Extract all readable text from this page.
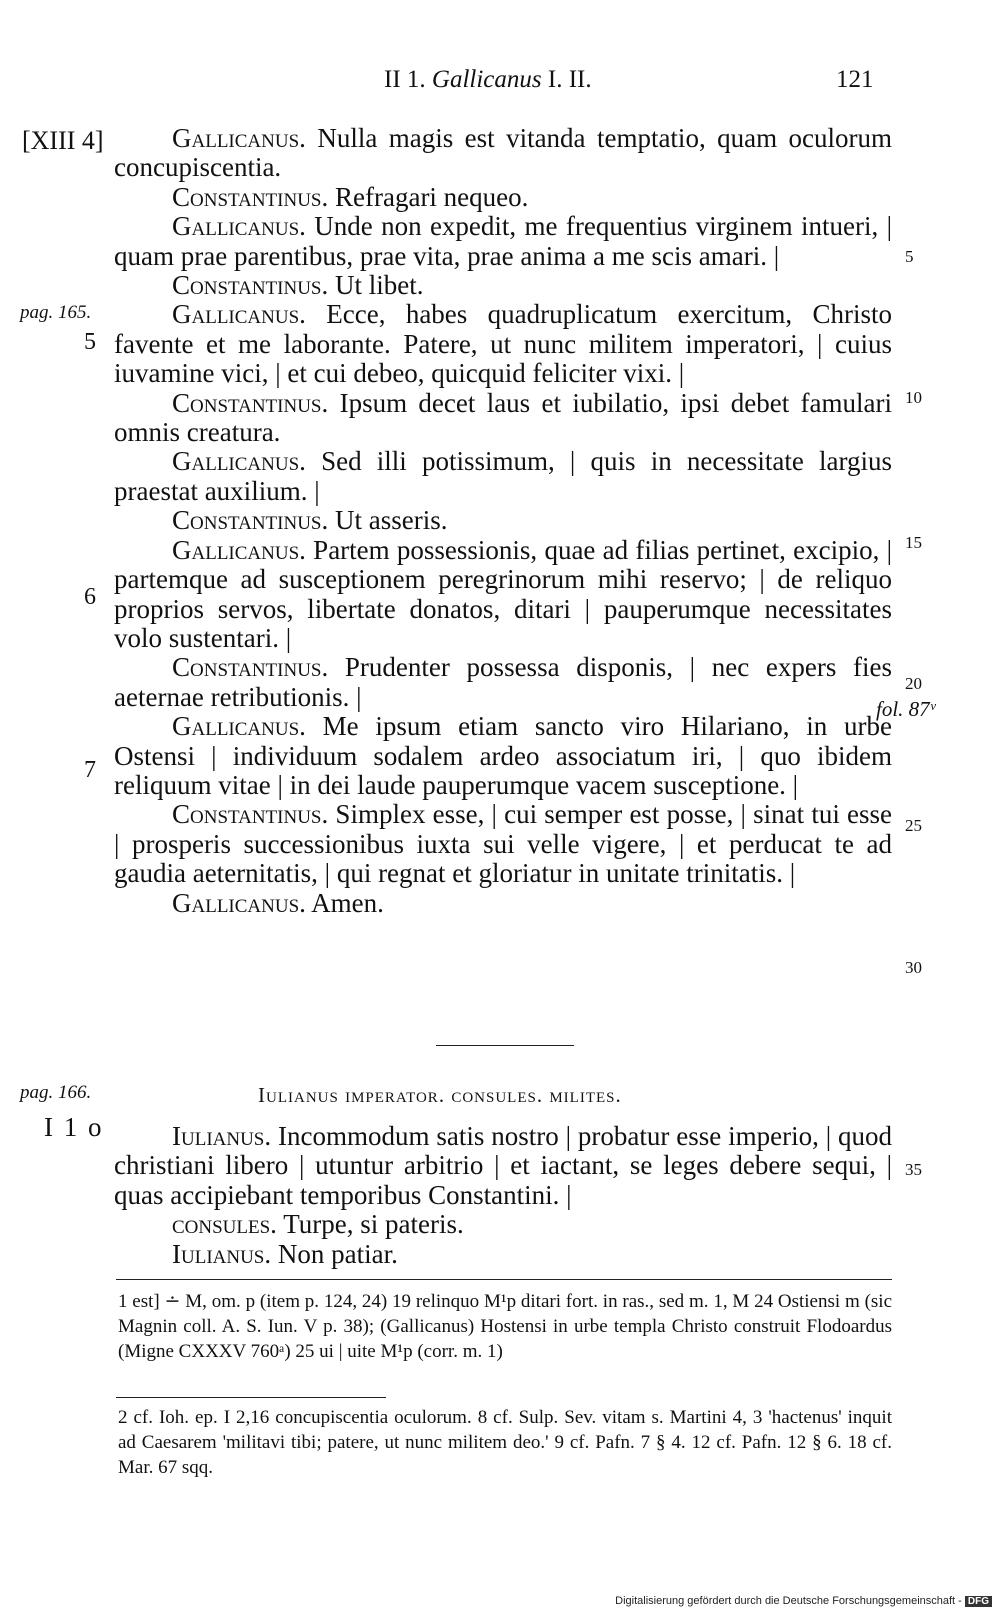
II 1. Gallicanus I. II.	121
[XIII 4]
pag. 165.
5
6
7
pag. 166.
I 1 o
5
10
15
20
fol. 87ᵛ
25
30
35

Gallicanus. Nulla magis est vitanda temptatio, quam oculorum concupiscentia.

Constantinus. Refragari nequeo.

Gallicanus. Unde non expedit, me frequentius virginem intueri, | quam prae parentibus, prae vita, prae anima a me scis amari. |

Constantinus. Ut libet.

Gallicanus. Ecce, habes quadruplicatum exercitum, Christo favente et me laborante. Patere, ut nunc militem imperatori, | cuius iuvamine vici, | et cui debeo, quicquid feliciter vixi. |

Constantinus. Ipsum decet laus et iubilatio, ipsi debet famulari omnis creatura.

Gallicanus. Sed illi potissimum, | quis in necessitate largius praestat auxilium. |

Constantinus. Ut asseris.

Gallicanus. Partem possessionis, quae ad filias pertinet, excipio, | partemque ad susceptionem peregrinorum mihi reservo; | de reliquo proprios servos, libertate donatos, ditari | pauperumque necessitates volo sustentari. |

Constantinus. Prudenter possessa disponis, | nec expers fies aeternae retributionis. |

Gallicanus. Me ipsum etiam sancto viro Hilariano, in urbe Ostensi | individuum sodalem ardeo associatum iri, | quo ibidem reliquum vitae | in dei laude pauperumque vacem susceptione. |

Constantinus. Simplex esse, | cui semper est posse, | sinat tui esse | prosperis successionibus iuxta sui velle vigere, | et perducat te ad gaudia aeternitatis, | qui regnat et gloriatur in unitate trinitatis. |

Gallicanus. Amen.

Iulianus imperator. consules. milites.

Iulianus. Incommodum satis nostro | probatur esse imperio, | quod christiani libero | utuntur arbitrio | et iactant, se leges debere sequi, | quas accipiebant temporibus Constantini. |

consules. Turpe, si pateris.

Iulianus. Non patiar.

1 est] ∸ M, om. p (item p. 124, 24) 19 relinquo M¹p ditari fort. in ras., sed m. 1, M 24 Ostiensi m (sic Magnin coll. A. S. Iun. V p. 38); (Gallicanus) Hostensi in urbe templa Christo construit Flodoardus (Migne CXXXV 760ᵃ) 25 ui | uite M¹p (corr. m. 1)
2 cf. Ioh. ep. I 2,16 concupiscentia oculorum. 8 cf. Sulp. Sev. vitam s. Martini 4, 3 'hactenus' inquit ad Caesarem 'militavi tibi; patere, ut nunc militem deo.' 9 cf. Pafn. 7 § 4. 12 cf. Pafn. 12 § 6. 18 cf. Mar. 67 sqq.
Digitalisierung gefördert durch die Deutsche Forschungsgemeinschaft - DFG
